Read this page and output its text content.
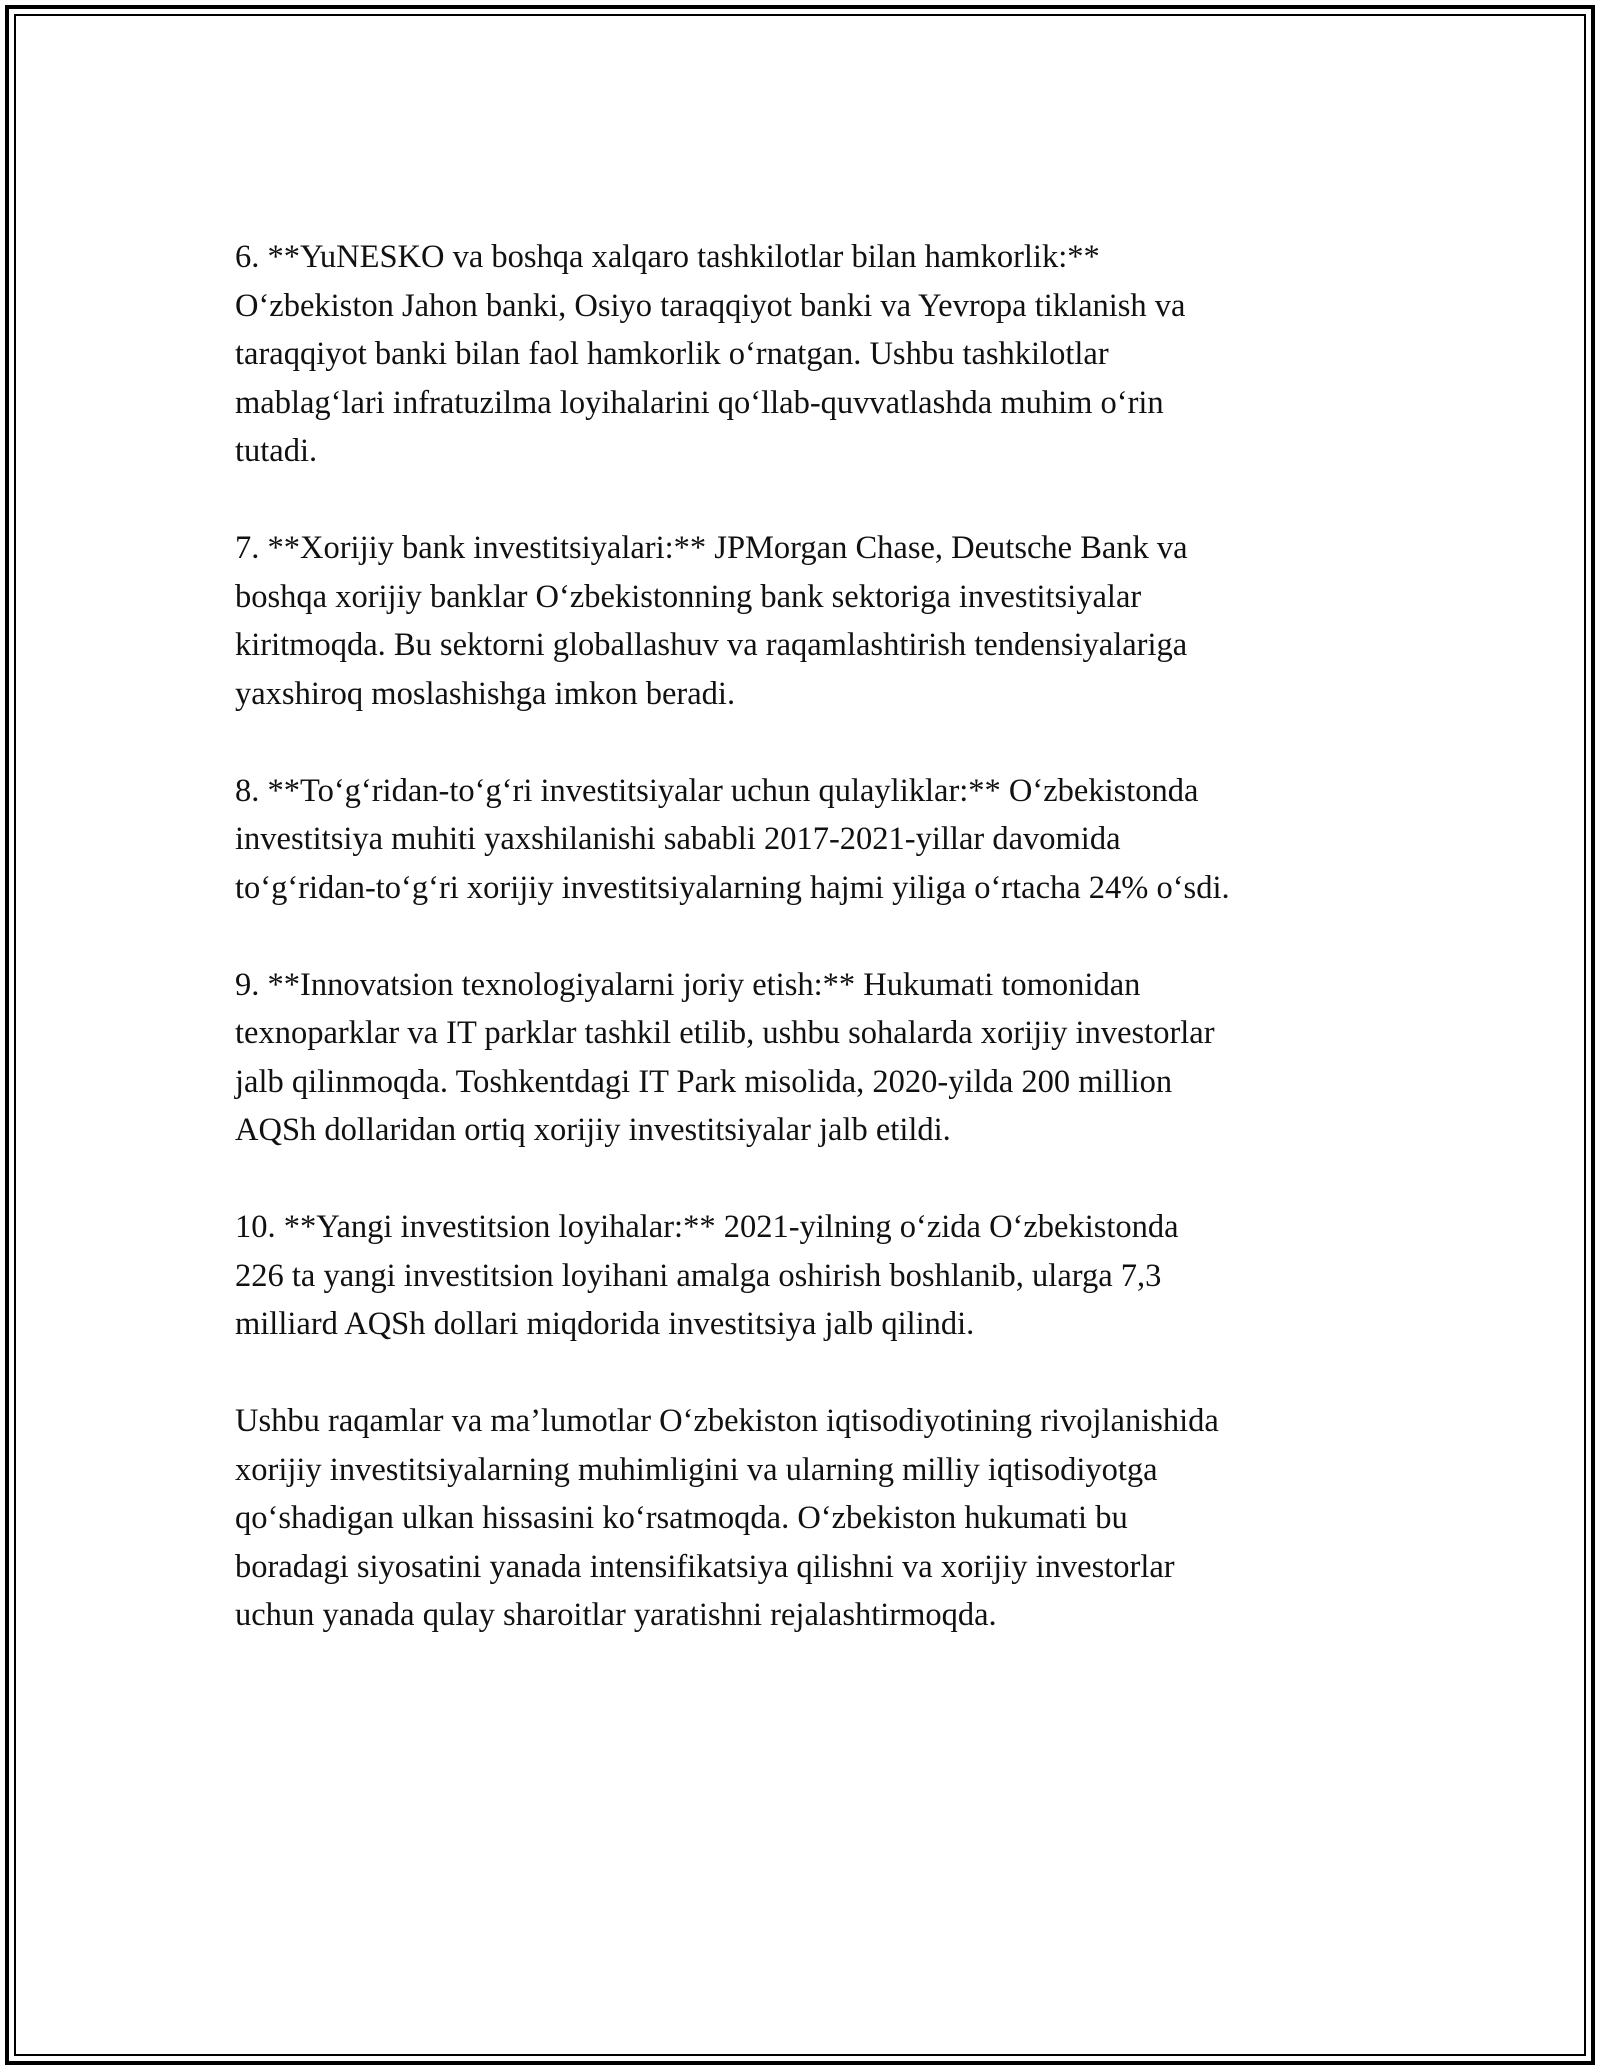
6. **YuNESKO va boshqa xalqaro tashkilotlar bilan hamkorlik:**
O‘zbekiston Jahon banki, Osiyo taraqqiyot banki va Yevropa tiklanish va
taraqqiyot banki bilan faol hamkorlik o‘rnatgan. Ushbu tashkilotlar
mablag‘lari infratuzilma loyihalarini qo‘llab-quvvatlashda muhim o‘rin
tutadi.

7. **Xorijiy bank investitsiyalari:** JPMorgan Chase, Deutsche Bank va
boshqa xorijiy banklar O‘zbekistonning bank sektoriga investitsiyalar
kiritmoqda. Bu sektorni globallashuv va raqamlashtirish tendensiyalariga
yaxshiroq moslashishga imkon beradi.

8. **To‘g‘ridan-to‘g‘ri investitsiyalar uchun qulayliklar:** O‘zbekistonda
investitsiya muhiti yaxshilanishi sababli 2017-2021-yillar davomida
to‘g‘ridan-to‘g‘ri xorijiy investitsiyalarning hajmi yiliga o‘rtacha 24% o‘sdi.

9. **Innovatsion texnologiyalarni joriy etish:** Hukumati tomonidan
texnoparklar va IT parklar tashkil etilib, ushbu sohalarda xorijiy investorlar
jalb qilinmoqda. Toshkentdagi IT Park misolida, 2020-yilda 200 million
AQSh dollaridan ortiq xorijiy investitsiyalar jalb etildi.

10. **Yangi investitsion loyihalar:** 2021-yilning o‘zida O‘zbekistonda
226 ta yangi investitsion loyihani amalga oshirish boshlanib, ularga 7,3
milliard AQSh dollari miqdorida investitsiya jalb qilindi.

Ushbu raqamlar va ma’lumotlar O‘zbekiston iqtisodiyotining rivojlanishida
xorijiy investitsiyalarning muhimligini va ularning milliy iqtisodiyotga
qo‘shadigan ulkan hissasini ko‘rsatmoqda. O‘zbekiston hukumati bu
boradagi siyosatini yanada intensifikatsiya qilishni va xorijiy investorlar
uchun yanada qulay sharoitlar yaratishni rejalashtirmoqda.
